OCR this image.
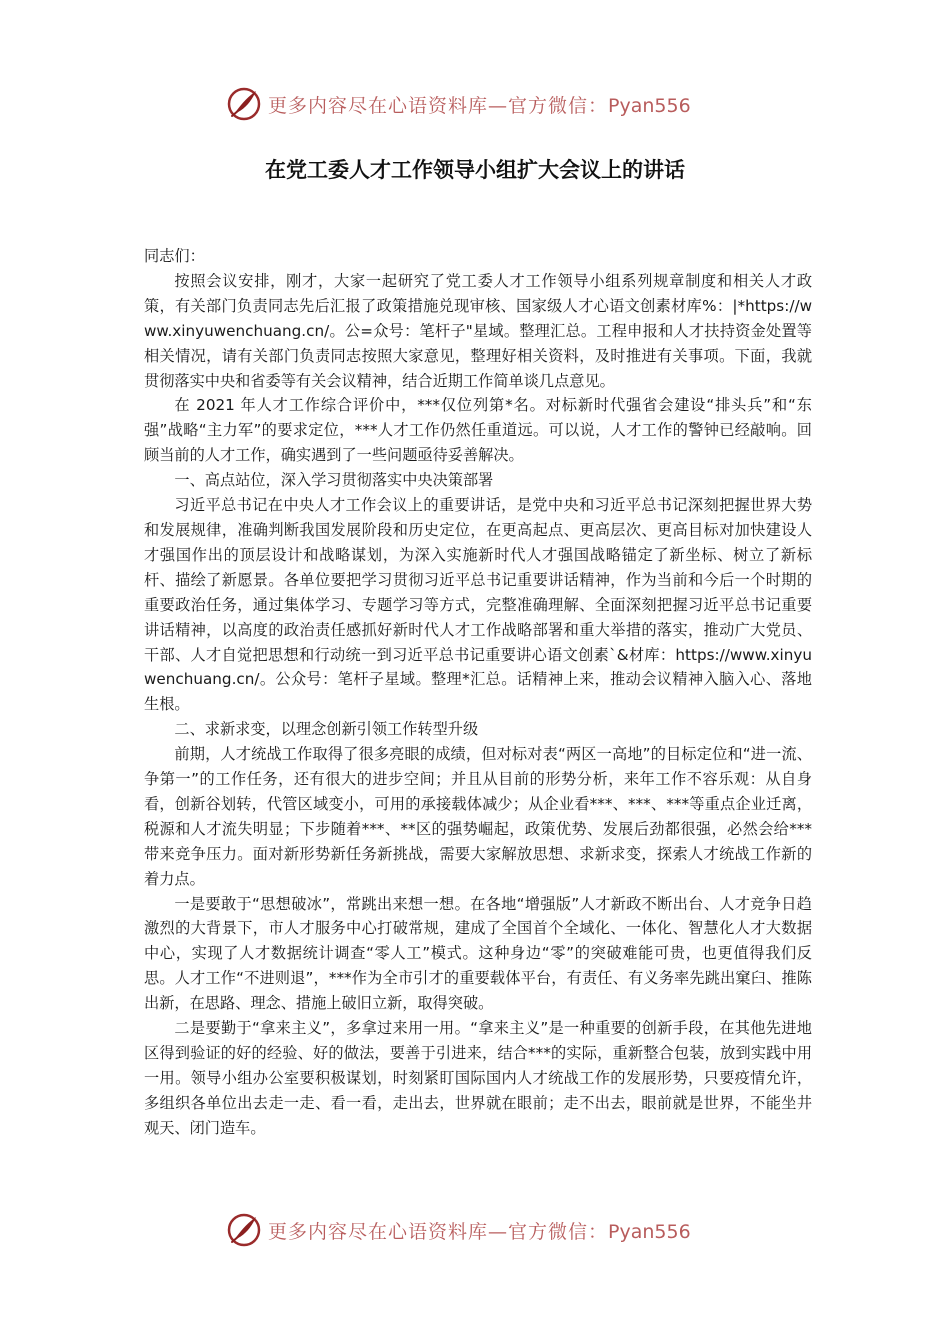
更多内容尽在心语资料库—官方微信：Pyan556
在党工委人才工作领导小组扩大会议上的讲话

同志们：

按照会议安排，刚才，大家一起研究了党工委人才工作领导小组系列规章制度和相关人才政策，有关部门负责同志先后汇报了政策措施兑现审核、国家级人才心语文创素材库%：|*https://www.xinyuwenchuang.cn/。公=众号：笔杆子"星域。整理汇总。工程申报和人才扶持资金处置等相关情况，请有关部门负责同志按照大家意见，整理好相关资料，及时推进有关事项。下面，我就贯彻落实中央和省委等有关会议精神，结合近期工作简单谈几点意见。

在 2021 年人才工作综合评价中，***仅位列第*名。对标新时代强省会建设“排头兵”和“东强”战略“主力军”的要求定位，***人才工作仍然任重道远。可以说，人才工作的警钟已经敲响。回顾当前的人才工作，确实遇到了一些问题亟待妥善解决。

一、高点站位，深入学习贯彻落实中央决策部署

习近平总书记在中央人才工作会议上的重要讲话，是党中央和习近平总书记深刻把握世界大势和发展规律，准确判断我国发展阶段和历史定位，在更高起点、更高层次、更高目标对加快建设人才强国作出的顶层设计和战略谋划，为深入实施新时代人才强国战略锚定了新坐标、树立了新标杆、描绘了新愿景。各单位要把学习贯彻习近平总书记重要讲话精神，作为当前和今后一个时期的重要政治任务，通过集体学习、专题学习等方式，完整准确理解、全面深刻把握习近平总书记重要讲话精神，以高度的政治责任感抓好新时代人才工作战略部署和重大举措的落实，推动广大党员、干部、人才自觉把思想和行动统一到习近平总书记重要讲心语文创素`&材库：https://www.xinyuwenchuang.cn/。公众号：笔杆子星域。整理*汇总。话精神上来，推动会议精神入脑入心、落地生根。

二、求新求变，以理念创新引领工作转型升级

前期，人才统战工作取得了很多亮眼的成绩，但对标对表“两区一高地”的目标定位和“进一流、争第一”的工作任务，还有很大的进步空间；并且从目前的形势分析，来年工作不容乐观：从自身看，创新谷划转，代管区域变小，可用的承接载体减少；从企业看***、***、***等重点企业迁离，税源和人才流失明显；下步随着***、**区的强势崛起，政策优势、发展后劲都很强，必然会给***带来竞争压力。面对新形势新任务新挑战，需要大家解放思想、求新求变，探索人才统战工作新的着力点。

一是要敢于“思想破冰”，常跳出来想一想。在各地“增强版”人才新政不断出台、人才竞争日趋激烈的大背景下，市人才服务中心打破常规，建成了全国首个全域化、一体化、智慧化人才大数据中心，实现了人才数据统计调查“零人工”模式。这种身边“零”的突破难能可贵，也更值得我们反思。人才工作“不进则退”，***作为全市引才的重要载体平台，有责任、有义务率先跳出窠臼、推陈出新，在思路、理念、措施上破旧立新，取得突破。

二是要勤于“拿来主义”，多拿过来用一用。“拿来主义”是一种重要的创新手段，在其他先进地区得到验证的好的经验、好的做法，要善于引进来，结合***的实际，重新整合包装，放到实践中用一用。领导小组办公室要积极谋划，时刻紧盯国际国内人才统战工作的发展形势，只要疫情允许，多组织各单位出去走一走、看一看，走出去，世界就在眼前；走不出去，眼前就是世界，不能坐井观天、闭门造车。

更多内容尽在心语资料库—官方微信：Pyan556
